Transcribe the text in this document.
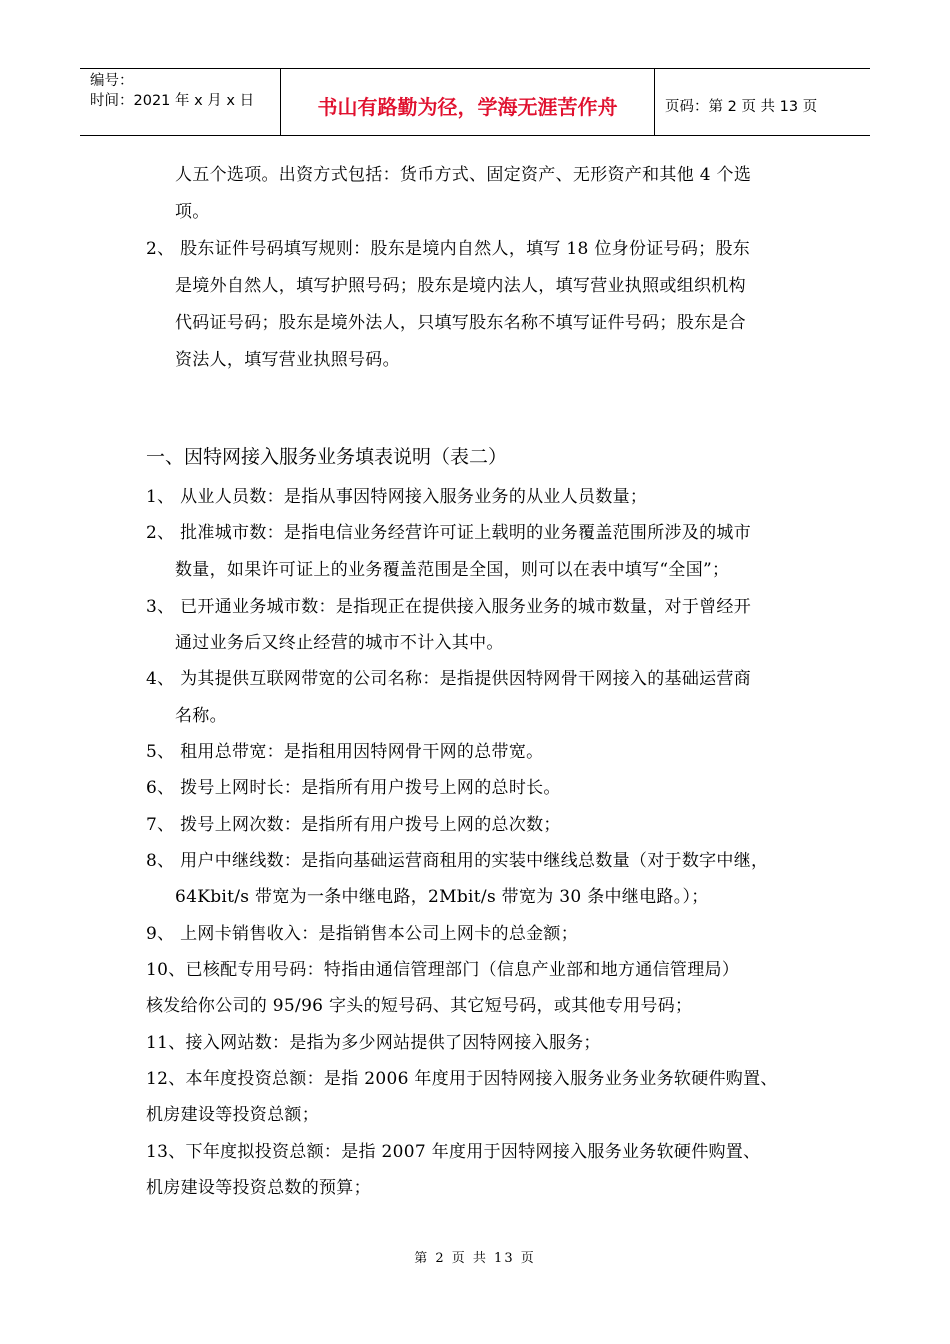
编号：
时间：2021 年 x 月 x 日	书山有路勤为径，学海无涯苦作舟	页码：第 2 页 共 13 页
人五个选项。出资方式包括：货币方式、固定资产、无形资产和其他 4 个选
项。
2、 股东证件号码填写规则：股东是境内自然人，填写 18 位身份证号码；股东
是境外自然人，填写护照号码；股东是境内法人，填写营业执照或组织机构
代码证号码；股东是境外法人，只填写股东名称不填写证件号码；股东是合
资法人，填写营业执照号码。
一、因特网接入服务业务填表说明（表二）
1、 从业人员数：是指从事因特网接入服务业务的从业人员数量；
2、 批准城市数：是指电信业务经营许可证上载明的业务覆盖范围所涉及的城市
数量，如果许可证上的业务覆盖范围是全国，则可以在表中填写“全国”；
3、 已开通业务城市数：是指现正在提供接入服务业务的城市数量，对于曾经开
通过业务后又终止经营的城市不计入其中。
4、 为其提供互联网带宽的公司名称：是指提供因特网骨干网接入的基础运营商
名称。
5、 租用总带宽：是指租用因特网骨干网的总带宽。
6、 拨号上网时长：是指所有用户拨号上网的总时长。
7、 拨号上网次数：是指所有用户拨号上网的总次数；
8、 用户中继线数：是指向基础运营商租用的实装中继线总数量（对于数字中继，
64Kbit/s 带宽为一条中继电路，2Mbit/s 带宽为 30 条中继电路。）；
9、 上网卡销售收入：是指销售本公司上网卡的总金额；
10、已核配专用号码：特指由通信管理部门（信息产业部和地方通信管理局）
核发给你公司的 95/96 字头的短号码、其它短号码，或其他专用号码；
11、接入网站数：是指为多少网站提供了因特网接入服务；
12、本年度投资总额：是指 2006 年度用于因特网接入服务业务业务软硬件购置、
机房建设等投资总额；
13、下年度拟投资总额：是指 2007 年度用于因特网接入服务业务软硬件购置、
机房建设等投资总数的预算；
第 2 页 共 13 页
